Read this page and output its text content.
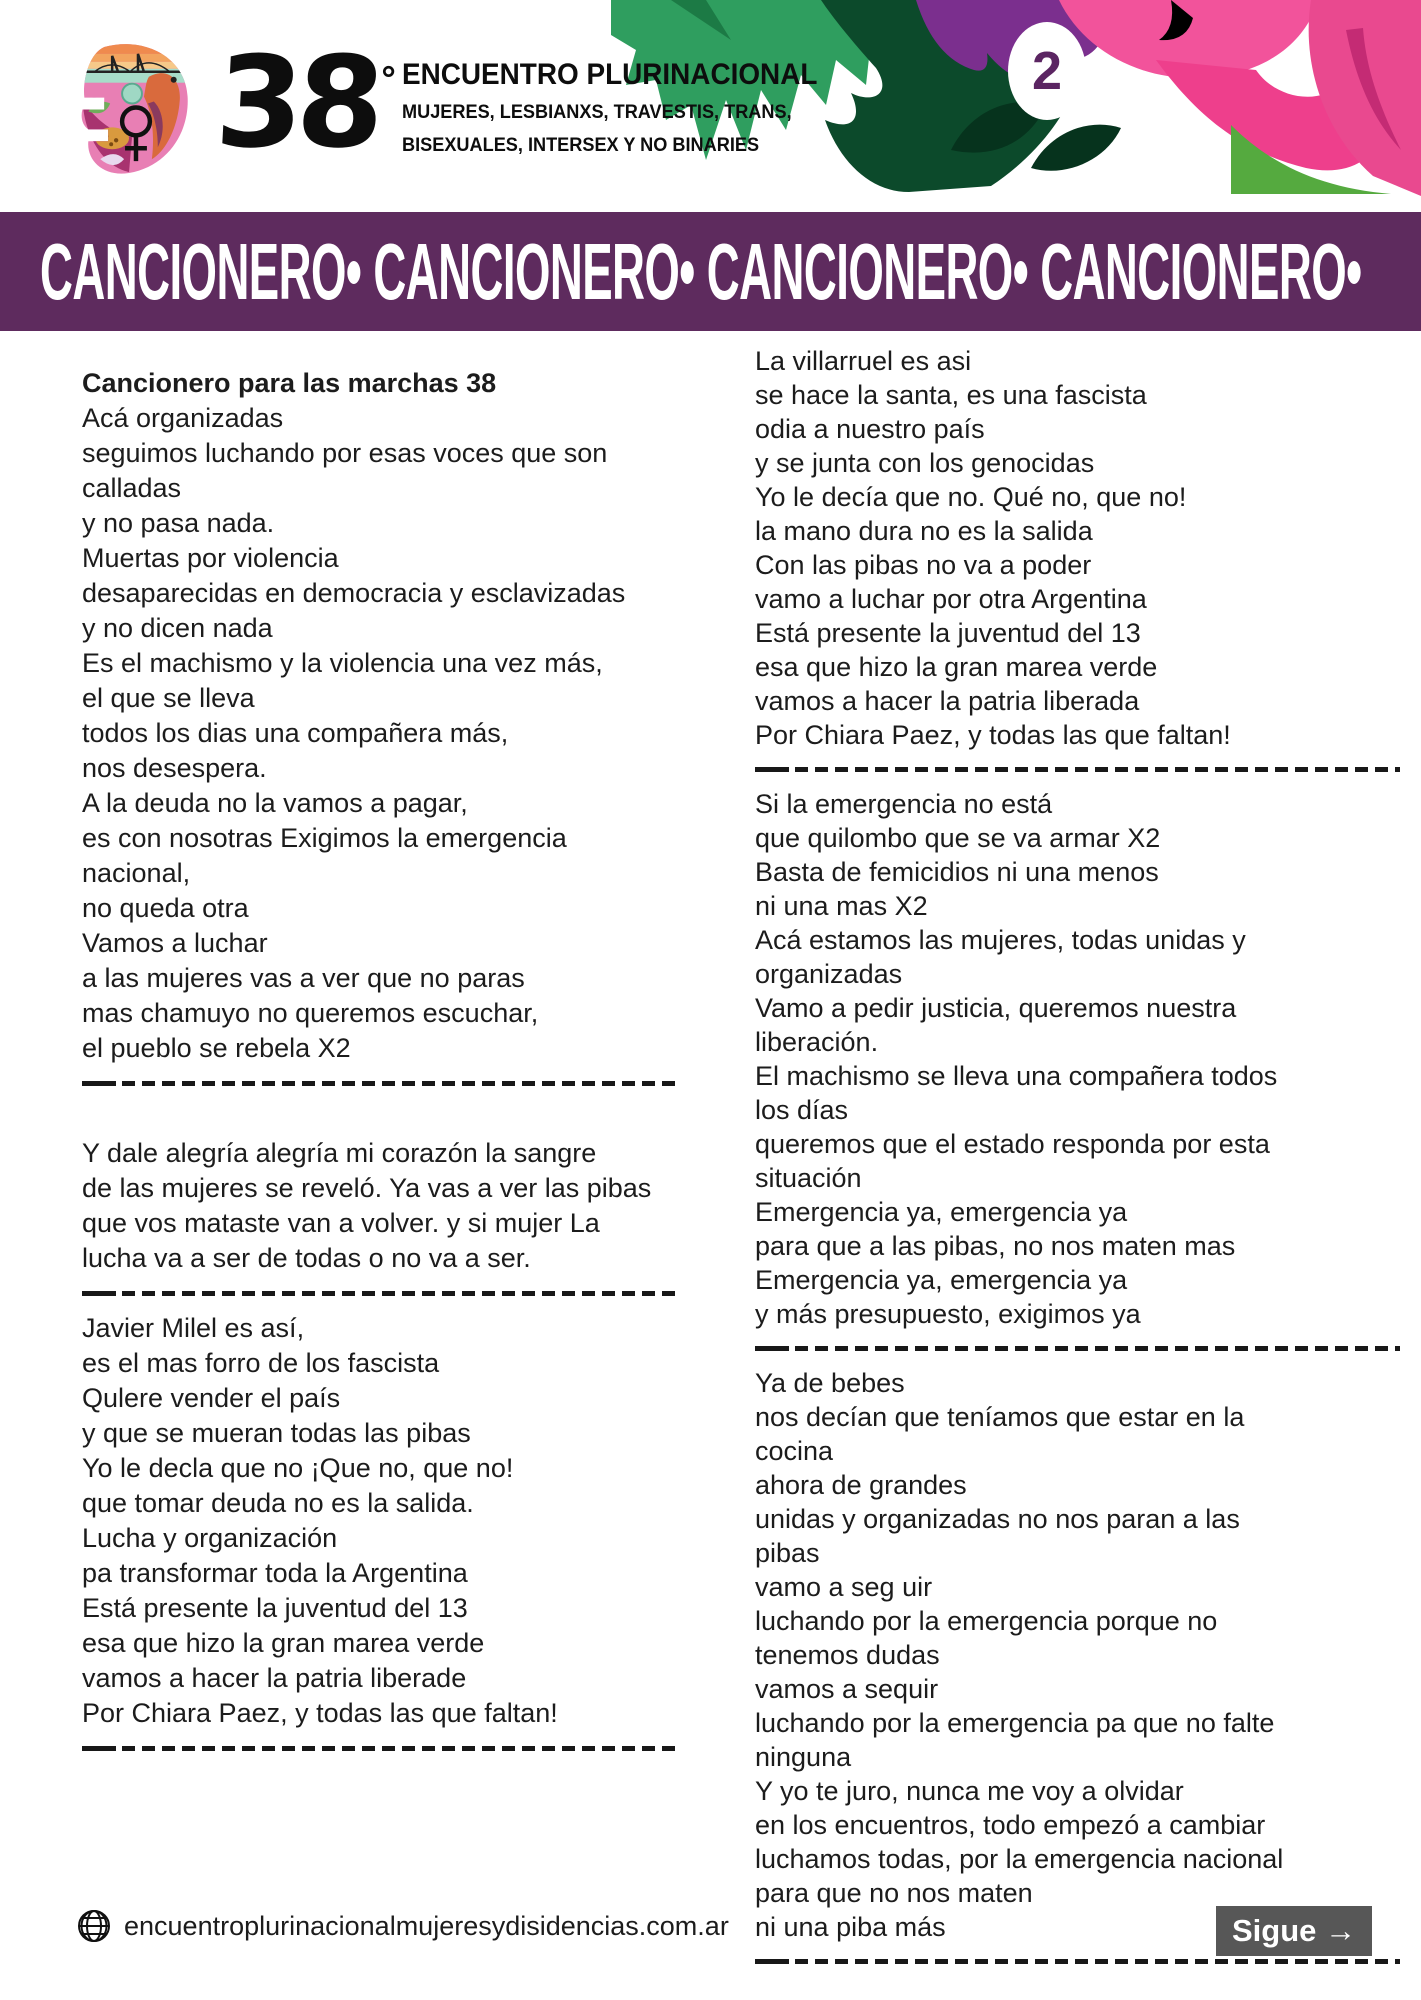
2
38 ° ENCUENTRO PLURINACIONAL
MUJERES, LESBIANXS, TRAVESTIS, TRANS,
BISEXUALES, INTERSEX Y NO BINARIES
CANCIONERO• CANCIONERO• CANCIONERO• CANCIONERO•
Cancionero para las marchas 38
Acá organizadas
seguimos luchando por esas voces que son
calladas
y no pasa nada.
Muertas por violencia
desaparecidas en democracia y esclavizadas
y no dicen nada
Es el machismo y la violencia una vez más,
el que se lleva
todos los dias una compañera más,
nos desespera.
A la deuda no la vamos a pagar,
es con nosotras Exigimos la emergencia
nacional,
no queda otra
Vamos a luchar
a las mujeres vas a ver que no paras
mas chamuyo no queremos escuchar,
el pueblo se rebela X2
Y dale alegría alegría mi corazón la sangre
de las mujeres se reveló. Ya vas a ver las pibas
que vos mataste van a volver. y si mujer La
lucha va a ser de todas o no va a ser.
Javier Milel es así,
es el mas forro de los fascista
Qulere vender el país
y que se mueran todas las pibas
Yo le decla que no ¡Que no, que no!
que tomar deuda no es la salida.
Lucha y organización
pa transformar toda la Argentina
Está presente la juventud del 13
esa que hizo la gran marea verde
vamos a hacer la patria liberade
Por Chiara Paez, y todas las que faltan!
La villarruel es asi
se hace la santa, es una fascista
odia a nuestro país
y se junta con los genocidas
Yo le decía que no. Qué no, que no!
la mano dura no es la salida
Con las pibas no va a poder
vamo a luchar por otra Argentina
Está presente la juventud del 13
esa que hizo la gran marea verde
vamos a hacer la patria liberada
Por Chiara Paez, y todas las que faltan!
Si la emergencia no está
que quilombo que se va armar X2
Basta de femicidios ni una menos
ni una mas X2
Acá estamos las mujeres, todas unidas y
organizadas
Vamo a pedir justicia, queremos nuestra
liberación.
El machismo se lleva una compañera todos
los días
queremos que el estado responda por esta
situación
Emergencia ya, emergencia ya
para que a las pibas, no nos maten mas
Emergencia ya, emergencia ya
y más presupuesto, exigimos ya
Ya de bebes
nos decían que teníamos que estar en la
cocina
ahora de grandes
unidas y organizadas no nos paran a las
pibas
vamo a seg uir
luchando por la emergencia porque no
tenemos dudas
vamos a sequir
luchando por la emergencia pa que no falte
ninguna
Y yo te juro, nunca me voy a olvidar
en los encuentros, todo empezó a cambiar
luchamos todas, por la emergencia nacional
para que no nos maten
ni una piba más
encuentroplurinacionalmujeresydisidencias.com.ar	Sigue →
